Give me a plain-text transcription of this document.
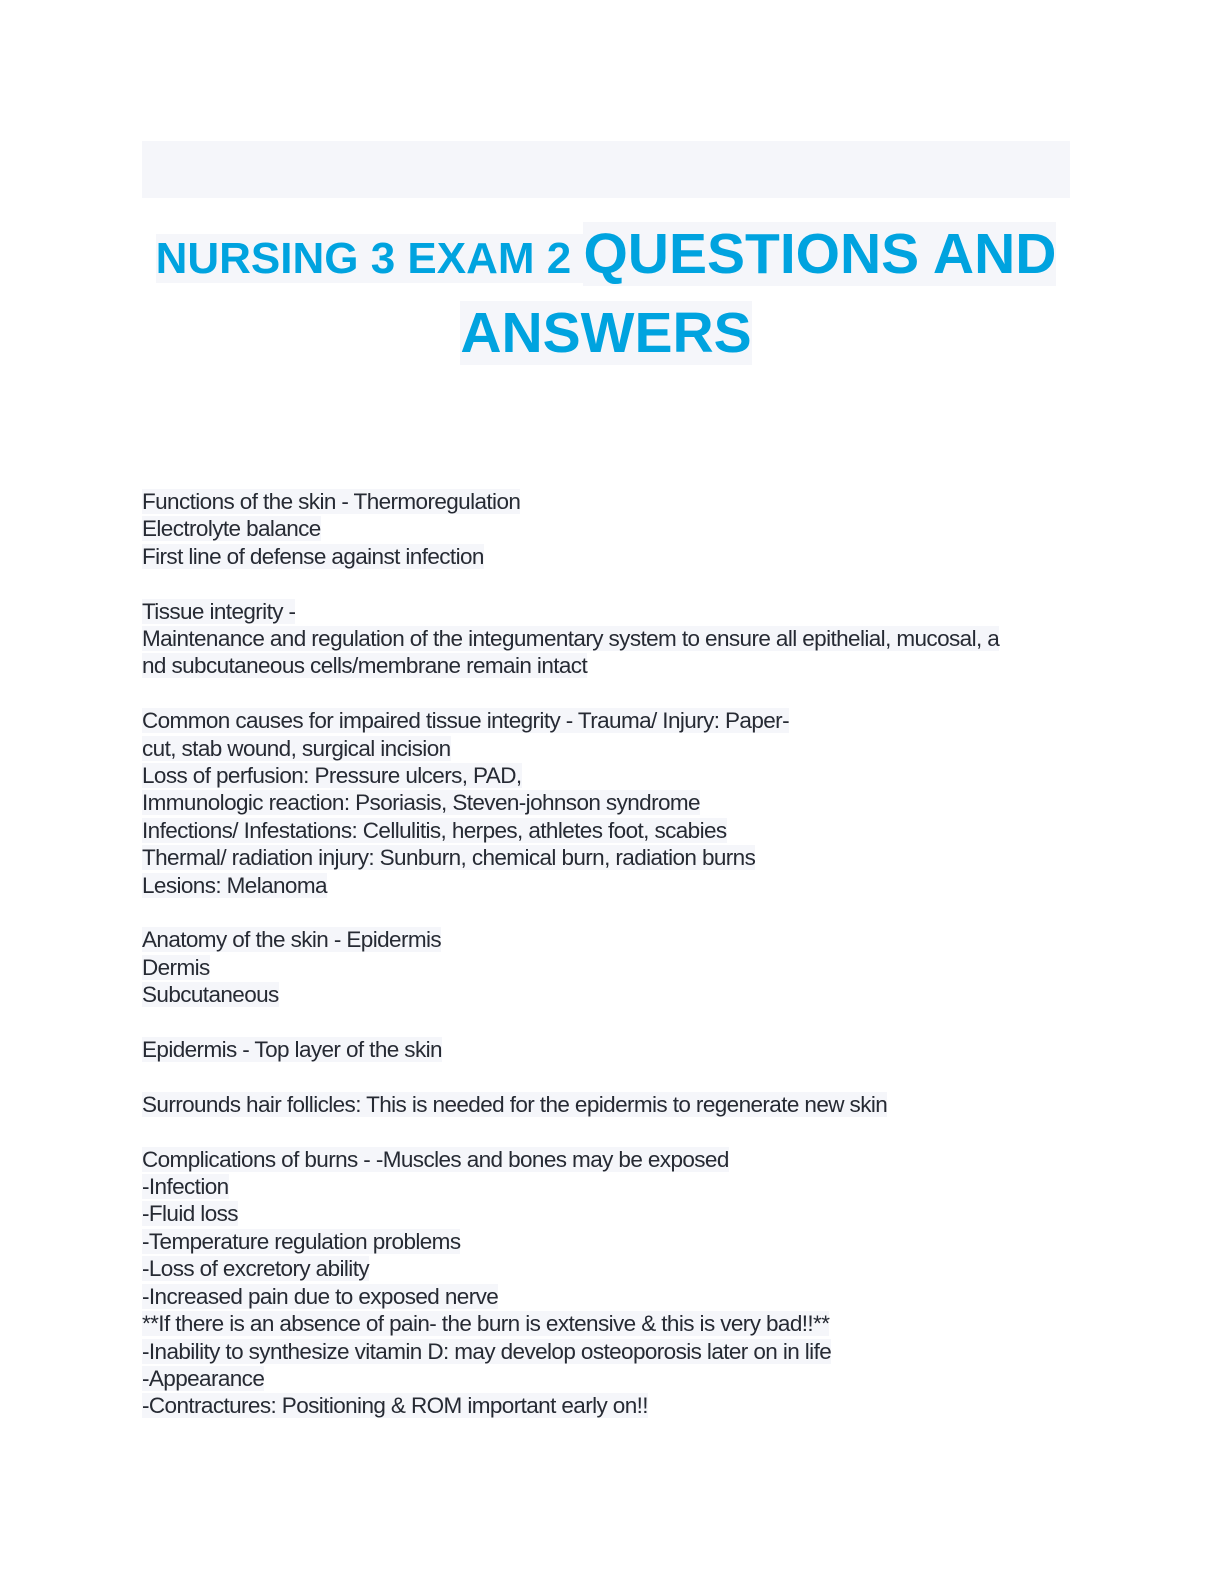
NURSING 3 EXAM 2 QUESTIONS AND
ANSWERS
Functions of the skin - Thermoregulation
Electrolyte balance
First line of defense against infection
Tissue integrity -
Maintenance and regulation of the integumentary system to ensure all epithelial, mucosal, a
nd subcutaneous cells/membrane remain intact
Common causes for impaired tissue integrity - Trauma/ Injury: Paper-
cut, stab wound, surgical incision
Loss of perfusion: Pressure ulcers, PAD,
Immunologic reaction: Psoriasis, Steven-johnson syndrome
Infections/ Infestations: Cellulitis, herpes, athletes foot, scabies
Thermal/ radiation injury: Sunburn, chemical burn, radiation burns
Lesions: Melanoma
Anatomy of the skin - Epidermis
Dermis
Subcutaneous
Epidermis - Top layer of the skin
Surrounds hair follicles: This is needed for the epidermis to regenerate new skin
Complications of burns - -Muscles and bones may be exposed
-Infection
-Fluid loss
-Temperature regulation problems
-Loss of excretory ability
-Increased pain due to exposed nerve
**If there is an absence of pain- the burn is extensive & this is very bad!!**
-Inability to synthesize vitamin D: may develop osteoporosis later on in life
-Appearance
-Contractures: Positioning & ROM important early on!!
